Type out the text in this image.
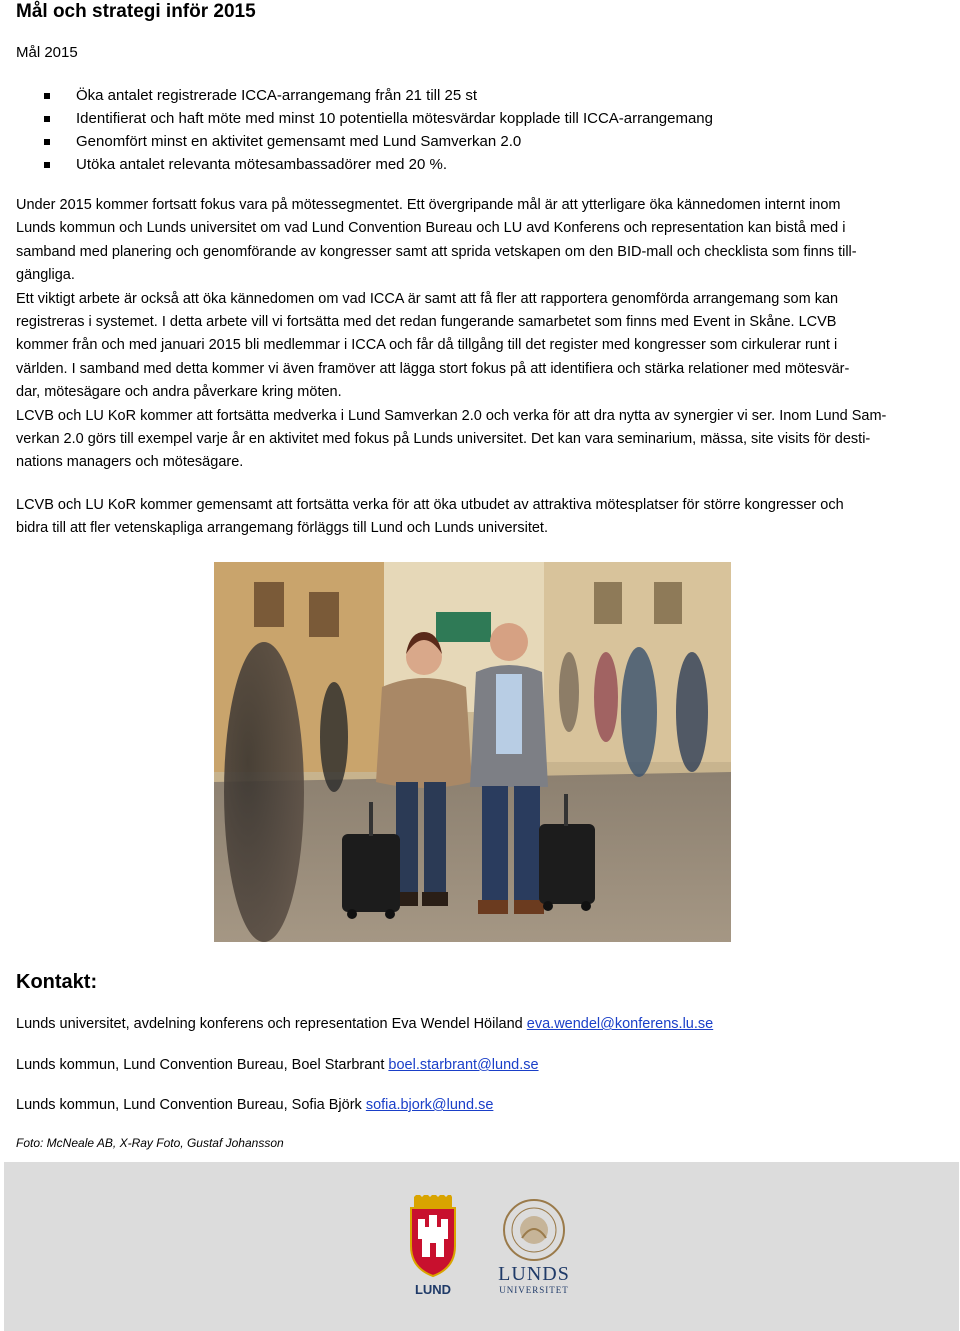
Mål och strategi inför 2015

Mål 2015

Öka antalet registrerade ICCA-arrangemang från 21 till 25 st
Identifierat och haft möte med minst 10 potentiella mötesvärdar kopplade till ICCA-arrangemang
Genomfört minst en aktivitet gemensamt med Lund Samverkan 2.0
Utöka antalet relevanta mötesambassadörer med 20 %.
Under 2015 kommer fortsatt fokus vara på mötessegmentet. Ett övergripande mål är att ytterligare öka kännedomen internt inom
Lunds kommun och Lunds universitet om vad Lund Convention Bureau och LU avd Konferens och representation kan bistå med i
samband med planering och genomförande av kongresser samt att sprida vetskapen om den BID-mall och checklista som finns till-
gängliga.
Ett viktigt arbete är också att öka kännedomen om vad ICCA är samt att få fler att rapportera genomförda arrangemang som kan
registreras i systemet. I detta arbete vill vi fortsätta med det redan fungerande samarbetet som finns med Event in Skåne. LCVB
kommer från och med januari 2015 bli medlemmar i ICCA och får då tillgång till det register med kongresser som cirkulerar runt i
världen. I samband med detta kommer vi även framöver att lägga stort fokus på att identifiera och stärka relationer med mötesvär-
dar, mötesägare och andra påverkare kring möten.
LCVB och LU KoR kommer att fortsätta medverka i Lund Samverkan 2.0 och verka för att dra nytta av synergier vi ser. Inom Lund Sam-
verkan 2.0 görs till exempel varje år en aktivitet med fokus på Lunds universitet. Det kan vara seminarium, mässa, site visits för desti-
nations managers och mötesägare.
LCVB och LU KoR kommer gemensamt att fortsätta verka för att öka utbudet av attraktiva mötesplatser för större kongresser och
bidra till att fler vetenskapliga arrangemang förläggs till Lund och Lunds universitet.
Kontakt:

Lunds universitet, avdelning konferens och representation Eva Wendel Höiland eva.wendel@konferens.lu.se

Lunds kommun, Lund Convention Bureau, Boel Starbrant boel.starbrant@lund.se

Lunds kommun, Lund Convention Bureau, Sofia Björk sofia.bjork@lund.se

Foto: McNeale AB, X-Ray Foto, Gustaf Johansson

LUND
LUNDS
UNIVERSITET
